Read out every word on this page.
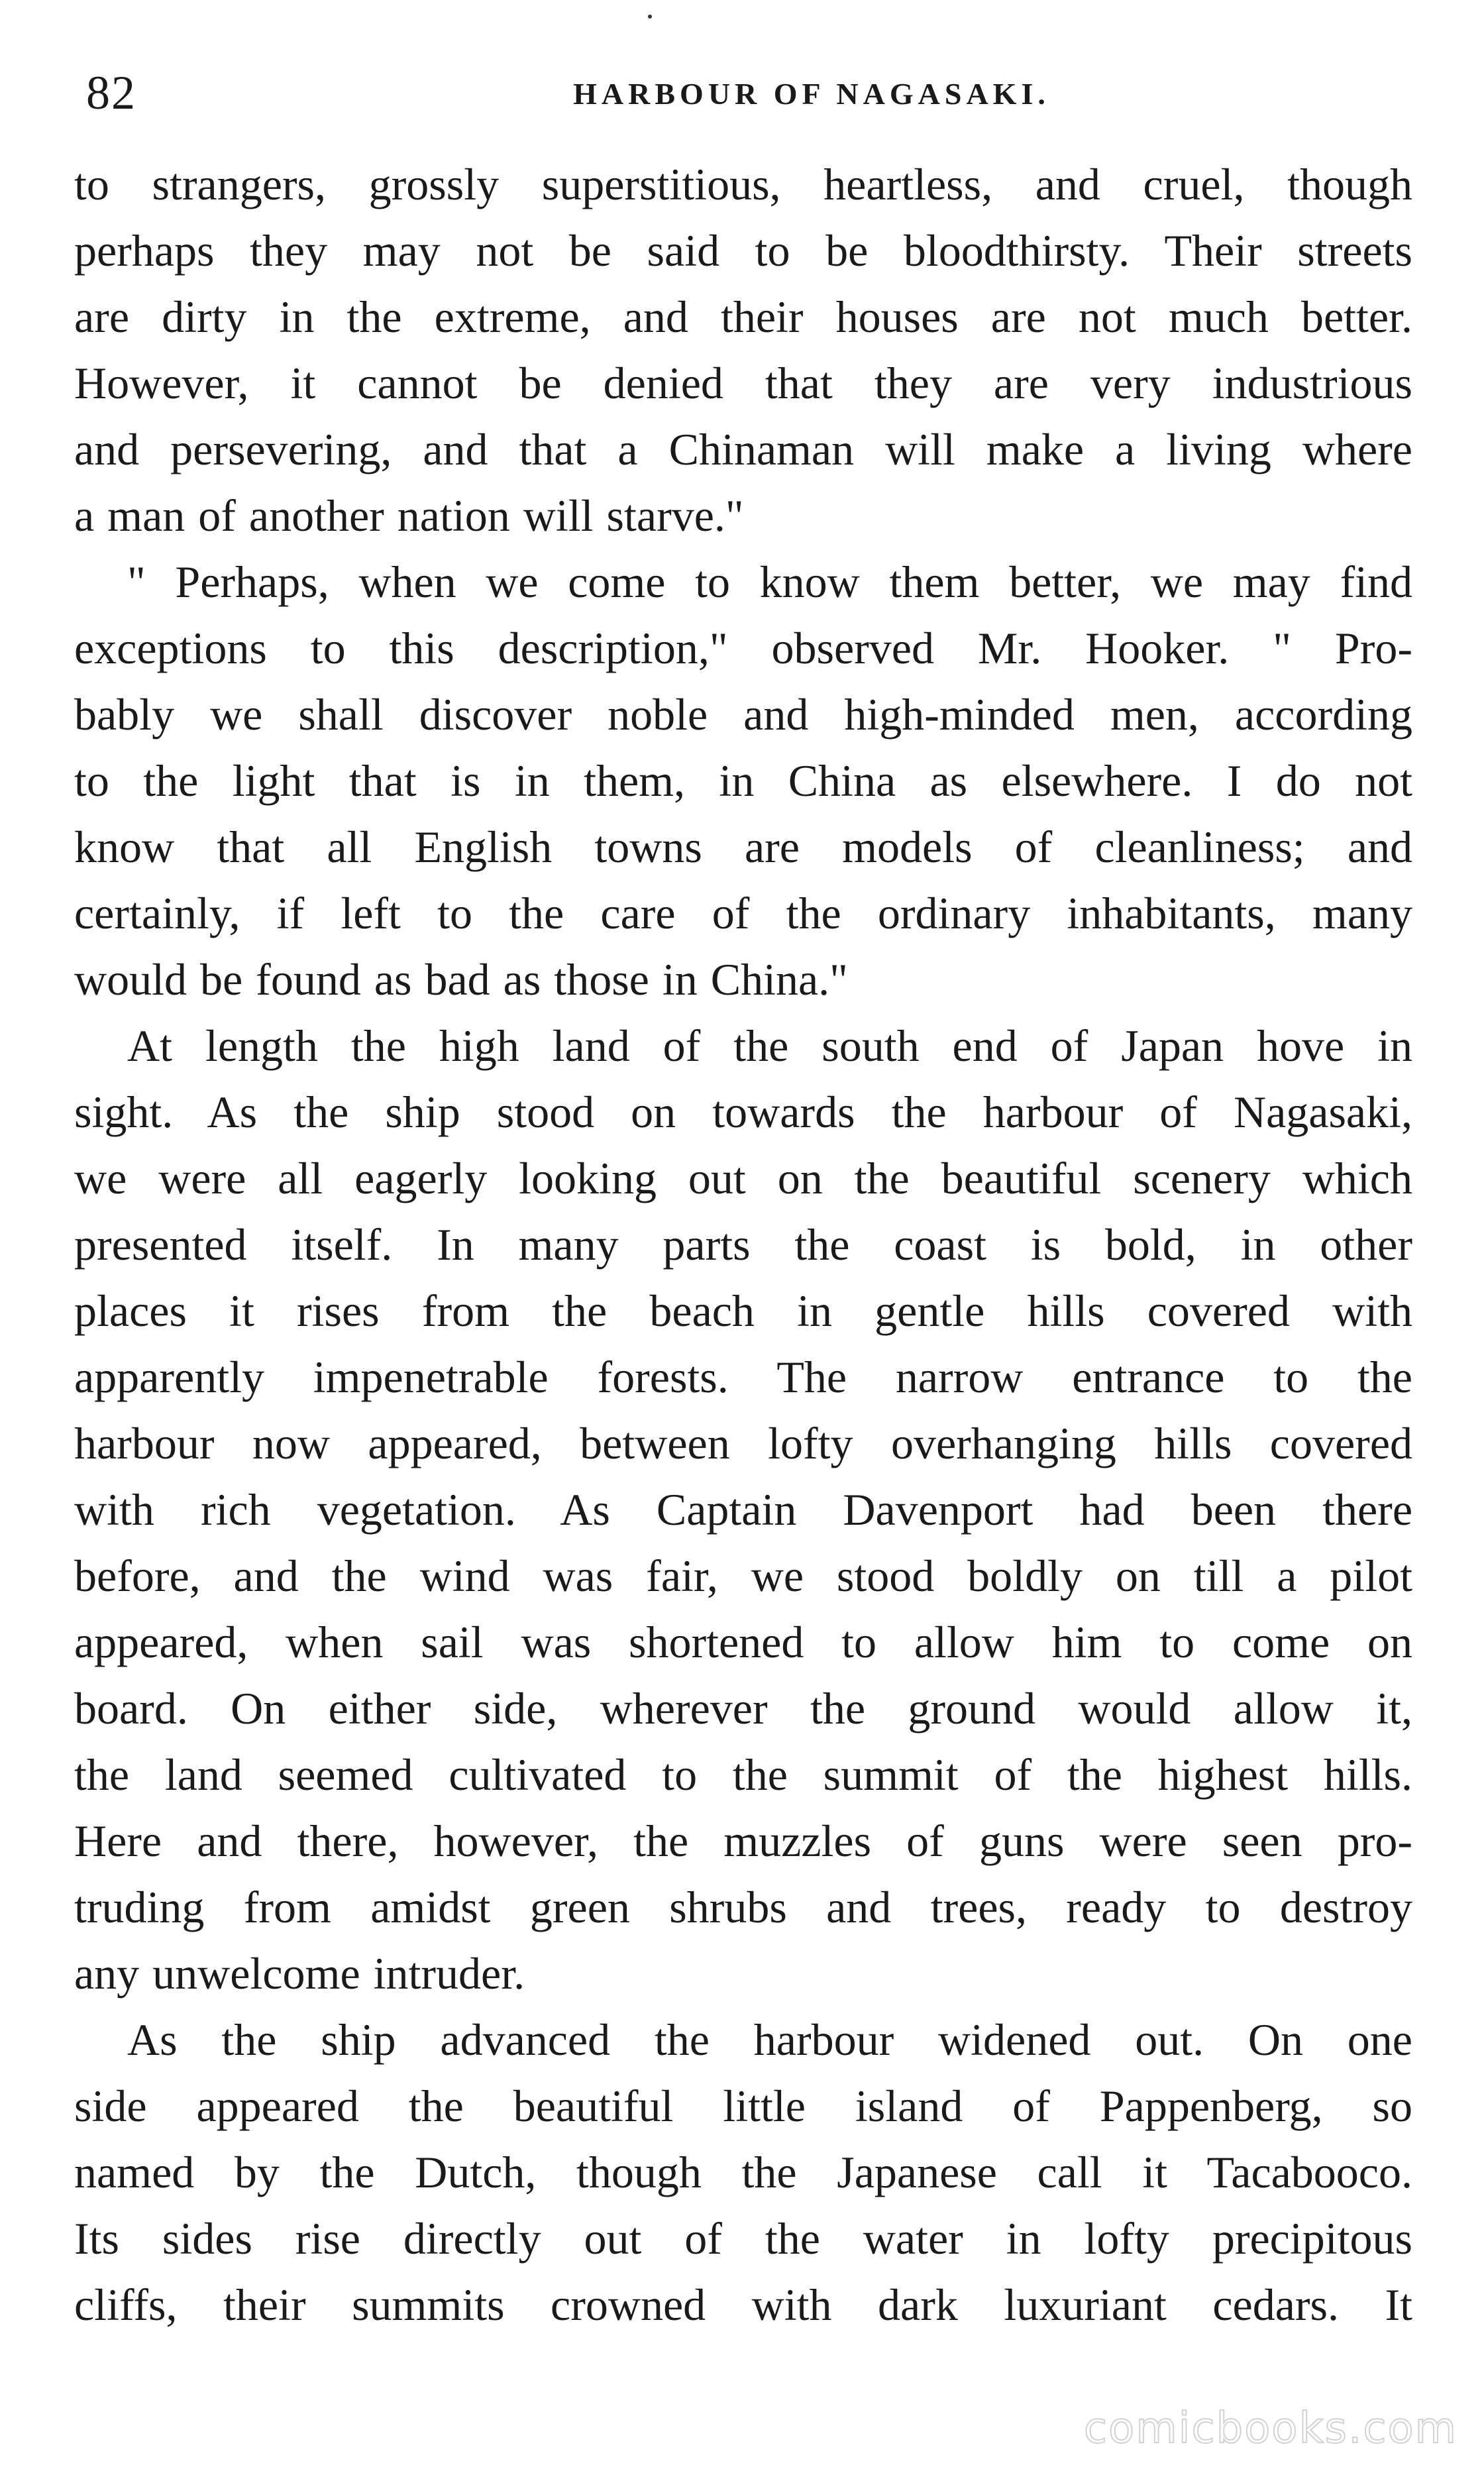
82	HARBOUR OF NAGASAKI.
to strangers, grossly superstitious, heartless, and cruel, though
perhaps they may not be said to be bloodthirsty. Their streets
are dirty in the extreme, and their houses are not much better.
However, it cannot be denied that they are very industrious
and persevering, and that a Chinaman will make a living where
a man of another nation will starve."
" Perhaps, when we come to know them better, we may find
exceptions to this description," observed Mr. Hooker. " Pro-
bably we shall discover noble and high-minded men, according
to the light that is in them, in China as elsewhere. I do not
know that all English towns are models of cleanliness; and
certainly, if left to the care of the ordinary inhabitants, many
would be found as bad as those in China."
At length the high land of the south end of Japan hove in
sight. As the ship stood on towards the harbour of Nagasaki,
we were all eagerly looking out on the beautiful scenery which
presented itself. In many parts the coast is bold, in other
places it rises from the beach in gentle hills covered with
apparently impenetrable forests. The narrow entrance to the
harbour now appeared, between lofty overhanging hills covered
with rich vegetation. As Captain Davenport had been there
before, and the wind was fair, we stood boldly on till a pilot
appeared, when sail was shortened to allow him to come on
board. On either side, wherever the ground would allow it,
the land seemed cultivated to the summit of the highest hills.
Here and there, however, the muzzles of guns were seen pro-
truding from amidst green shrubs and trees, ready to destroy
any unwelcome intruder.
As the ship advanced the harbour widened out. On one
side appeared the beautiful little island of Pappenberg, so
named by the Dutch, though the Japanese call it Tacabooco.
Its sides rise directly out of the water in lofty precipitous
cliffs, their summits crowned with dark luxuriant cedars. It
comicbooks.com
